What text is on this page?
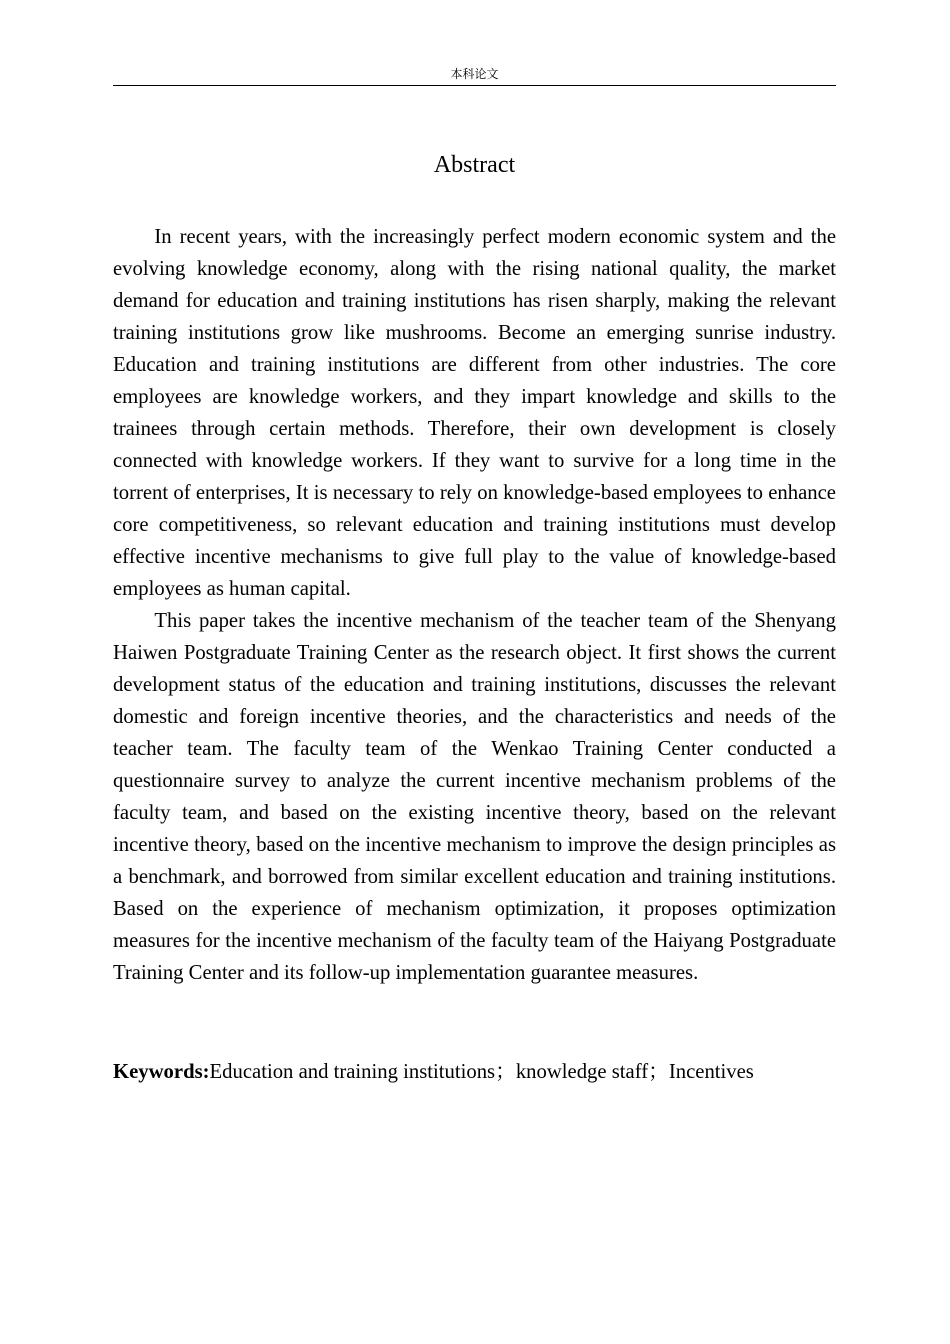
本科论文
Abstract

In recent years, with the increasingly perfect modern economic system and the evolving knowledge economy, along with the rising national quality, the market demand for education and training institutions has risen sharply, making the relevant training institutions grow like mushrooms. Become an emerging sunrise industry. Education and training institutions are different from other industries. The core employees are knowledge workers, and they impart knowledge and skills to the trainees through certain methods. Therefore, their own development is closely connected with knowledge workers. If they want to survive for a long time in the torrent of enterprises, It is necessary to rely on knowledge-based employees to enhance core competitiveness, so relevant education and training institutions must develop effective incentive mechanisms to give full play to the value of knowledge-based employees as human capital.

This paper takes the incentive mechanism of the teacher team of the Shenyang Haiwen Postgraduate Training Center as the research object. It first shows the current development status of the education and training institutions, discusses the relevant domestic and foreign incentive theories, and the characteristics and needs of the teacher team. The faculty team of the Wenkao Training Center conducted a questionnaire survey to analyze the current incentive mechanism problems of the faculty team, and based on the existing incentive theory, based on the relevant incentive theory, based on the incentive mechanism to improve the design principles as a benchmark, and borrowed from similar excellent education and training institutions. Based on the experience of mechanism optimization, it proposes optimization measures for the incentive mechanism of the faculty team of the Haiyang Postgraduate Training Center and its follow-up implementation guarantee measures.

Keywords:Education and training institutions；knowledge staff；Incentives
